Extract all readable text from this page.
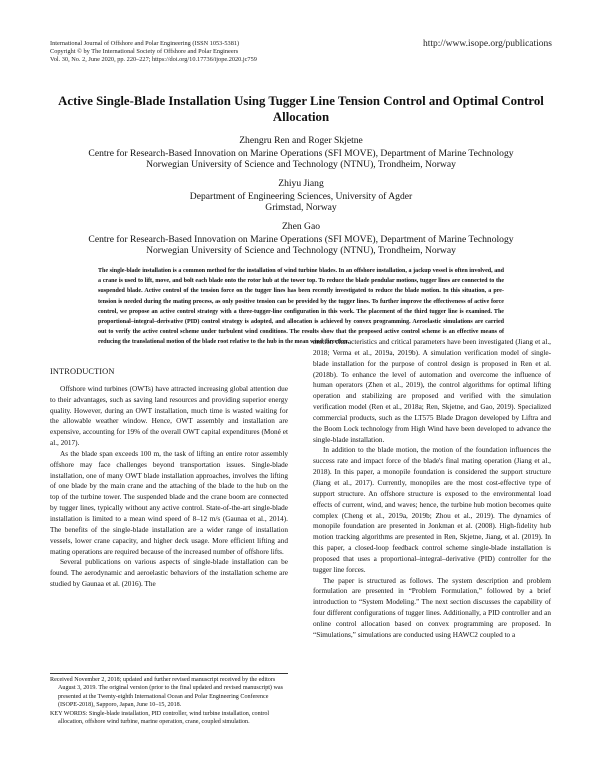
International Journal of Offshore and Polar Engineering (ISSN 1053-5381)
Copyright © by The International Society of Offshore and Polar Engineers
Vol. 30, No. 2, June 2020, pp. 220–227; https://doi.org/10.17736/ijope.2020.jc759
http://www.isope.org/publications
Active Single-Blade Installation Using Tugger Line Tension Control and Optimal Control Allocation
Zhengru Ren and Roger Skjetne
Centre for Research-Based Innovation on Marine Operations (SFI MOVE), Department of Marine Technology
Norwegian University of Science and Technology (NTNU), Trondheim, Norway
Zhiyu Jiang
Department of Engineering Sciences, University of Agder
Grimstad, Norway
Zhen Gao
Centre for Research-Based Innovation on Marine Operations (SFI MOVE), Department of Marine Technology
Norwegian University of Science and Technology (NTNU), Trondheim, Norway
The single-blade installation is a common method for the installation of wind turbine blades. In an offshore installation, a jackup vessel is often involved, and a crane is used to lift, move, and bolt each blade onto the rotor hub at the tower top. To reduce the blade pendular motions, tugger lines are connected to the suspended blade. Active control of the tension force on the tugger lines has been recently investigated to reduce the blade motion. In this situation, a pre-tension is needed during the mating process, as only positive tension can be provided by the tugger lines. To further improve the effectiveness of active force control, we propose an active control strategy with a three-tugger-line configuration in this work. The placement of the third tugger line is examined. The proportional–integral–derivative (PID) control strategy is adopted, and allocation is achieved by convex programming. Aeroelastic simulations are carried out to verify the active control scheme under turbulent wind conditions. The results show that the proposed active control scheme is an effective means of reducing the translational motion of the blade root relative to the hub in the mean wind direction.
INTRODUCTION

Offshore wind turbines (OWTs) have attracted increasing global attention due to their advantages, such as saving land resources and providing superior energy quality. However, during an OWT installation, much time is wasted waiting for the allowable weather window. Hence, OWT assembly and installation are expensive, accounting for 19% of the overall OWT capital expenditures (Moné et al., 2017).

As the blade span exceeds 100 m, the task of lifting an entire rotor assembly offshore may face challenges beyond transportation issues. Single-blade installation, one of many OWT blade installation approaches, involves the lifting of one blade by the main crane and the attaching of the blade to the hub on the top of the turbine tower. The suspended blade and the crane boom are connected by tugger lines, typically without any active control. State-of-the-art single-blade installation is limited to a mean wind speed of 8–12 m/s (Gaunaa et al., 2014). The benefits of the single-blade installation are a wider range of installation vessels, lower crane capacity, and higher deck usage. More efficient lifting and mating operations are required because of the increased number of offshore lifts.

Several publications on various aspects of single-blade installation can be found. The aerodynamic and aeroelastic behaviors of the installation scheme are studied by Gaunaa et al. (2016). The

motion characteristics and critical parameters have been investigated (Jiang et al., 2018; Verma et al., 2019a, 2019b). A simulation verification model of single-blade installation for the purpose of control design is proposed in Ren et al. (2018b). To enhance the level of automation and overcome the influence of human operators (Zhen et al., 2019), the control algorithms for optimal lifting operation and stabilizing are proposed and verified with the simulation verification model (Ren et al., 2018a; Ren, Skjetne, and Gao, 2019). Specialized commercial products, such as the LT575 Blade Dragon developed by Liftra and the Boom Lock technology from High Wind have been developed to advance the single-blade installation.

In addition to the blade motion, the motion of the foundation influences the success rate and impact force of the blade's final mating operation (Jiang et al., 2018). In this paper, a monopile foundation is considered the support structure (Jiang et al., 2017). Currently, monopiles are the most cost-effective type of support structure. An offshore structure is exposed to the environmental load effects of current, wind, and waves; hence, the turbine hub motion becomes quite complex (Cheng et al., 2019a, 2019b; Zhou et al., 2019). The dynamics of monopile foundation are presented in Jonkman et al. (2008). High-fidelity hub motion tracking algorithms are presented in Ren, Skjetne, Jiang, et al. (2019). In this paper, a closed-loop feedback control scheme single-blade installation is proposed that uses a proportional–integral–derivative (PID) controller for the tugger line forces.

The paper is structured as follows. The system description and problem formulation are presented in “Problem Formulation,” followed by a brief introduction to “System Modeling.” The next section discusses the capability of four different configurations of tugger lines. Additionally, a PID controller and an online control allocation based on convex programming are proposed. In “Simulations,” simulations are conducted using HAWC2 coupled to a

Received November 2, 2018; updated and further revised manuscript received by the editors August 3, 2019. The original version (prior to the final updated and revised manuscript) was presented at the Twenty-eighth International Ocean and Polar Engineering Conference (ISOPE-2018), Sapporo, Japan, June 10–15, 2018.

KEY WORDS: Single-blade installation, PID controller, wind turbine installation, control allocation, offshore wind turbine, marine operation, crane, coupled simulation.
